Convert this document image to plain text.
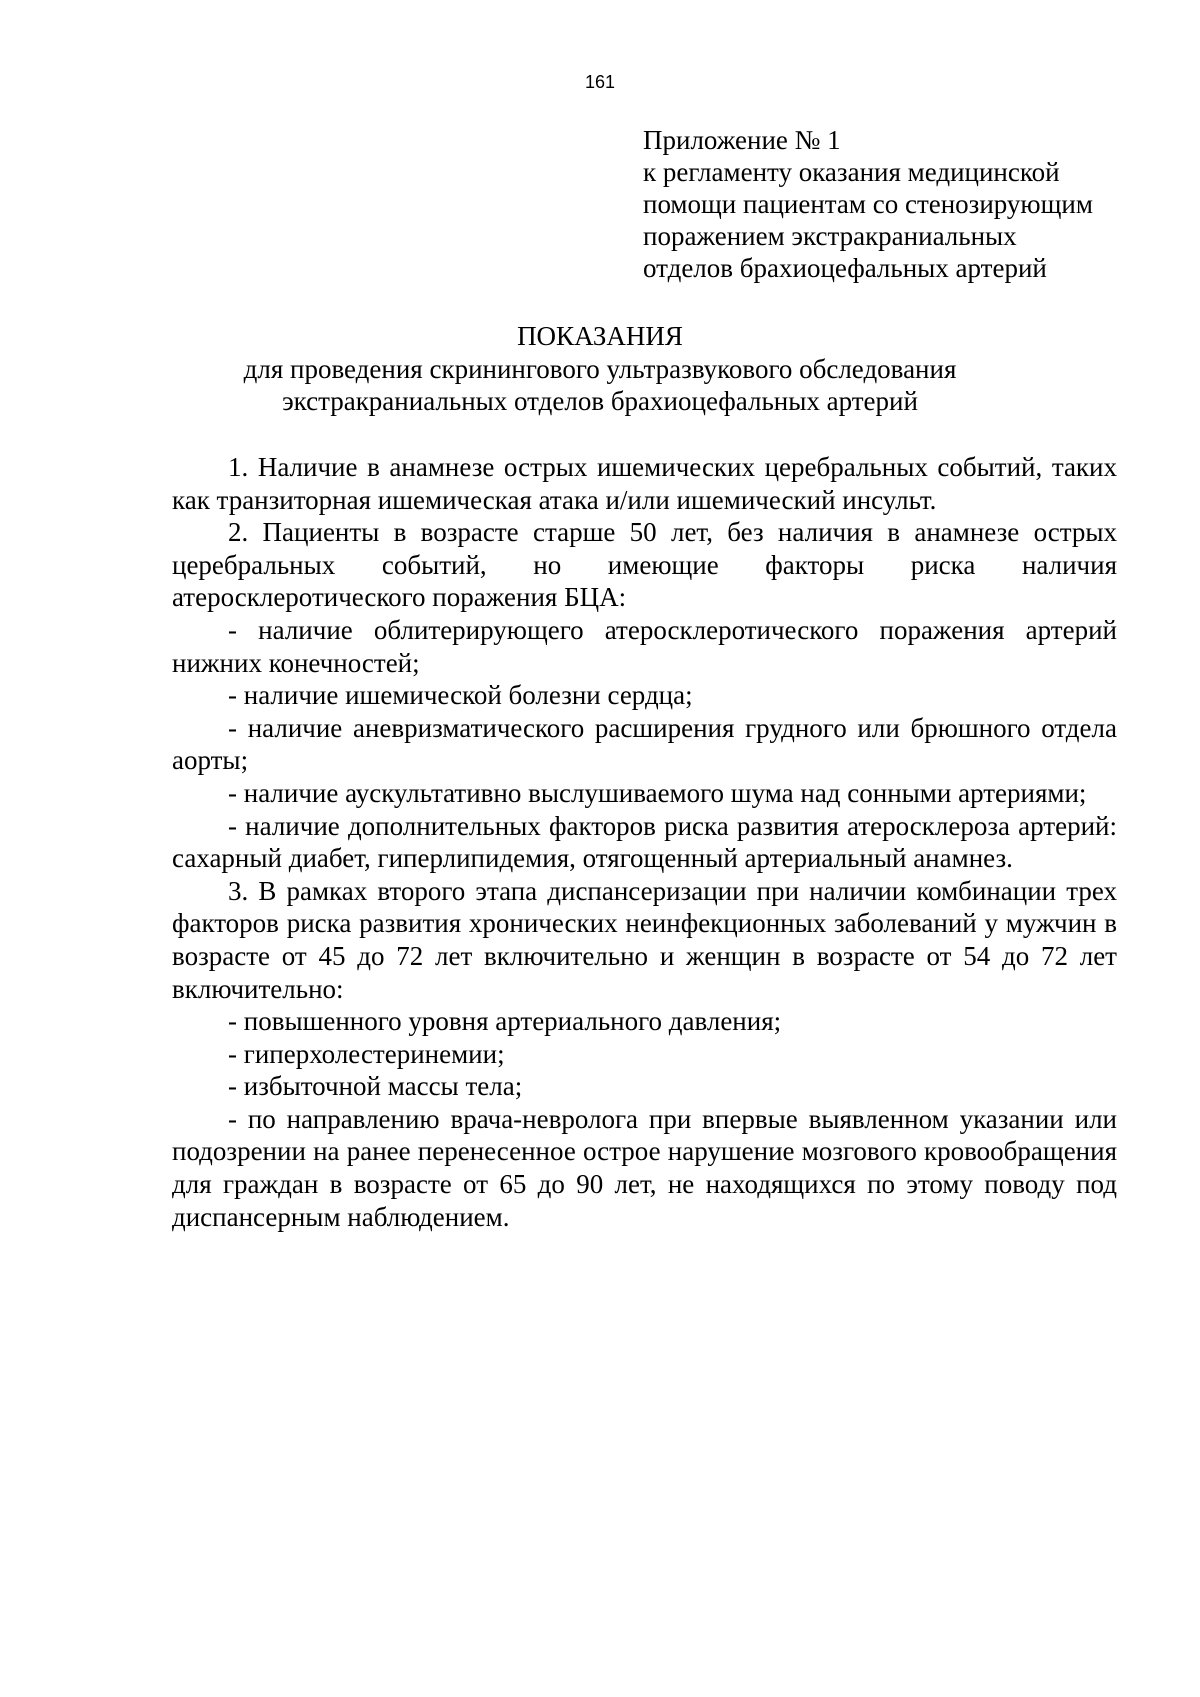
161
Приложение № 1
к регламенту оказания медицинской
помощи пациентам со стенозирующим
поражением экстракраниальных
отделов брахиоцефальных артерий
ПОКАЗАНИЯ
для проведения скринингового ультразвукового обследования
экстракраниальных отделов брахиоцефальных артерий

1. Наличие в анамнезе острых ишемических церебральных событий, таких как транзиторная ишемическая атака и/или ишемический инсульт.

2. Пациенты в возрасте старше 50 лет, без наличия в анамнезе острых церебральных событий, но имеющие факторы риска наличия атеросклеротического поражения БЦА:

- наличие облитерирующего атеросклеротического поражения артерий нижних конечностей;

- наличие ишемической болезни сердца;

- наличие аневризматического расширения грудного или брюшного отдела аорты;

- наличие аускультативно выслушиваемого шума над сонными артериями;

- наличие дополнительных факторов риска развития атеросклероза артерий: сахарный диабет, гиперлипидемия, отягощенный артериальный анамнез.

3. В рамках второго этапа диспансеризации при наличии комбинации трех факторов риска развития хронических неинфекционных заболеваний у мужчин в возрасте от 45 до 72 лет включительно и женщин в возрасте от 54 до 72 лет включительно:

- повышенного уровня артериального давления;

- гиперхолестеринемии;

- избыточной массы тела;

- по направлению врача-невролога при впервые выявленном указании или подозрении на ранее перенесенное острое нарушение мозгового кровообращения для граждан в возрасте от 65 до 90 лет, не находящихся по этому поводу под диспансерным наблюдением.
